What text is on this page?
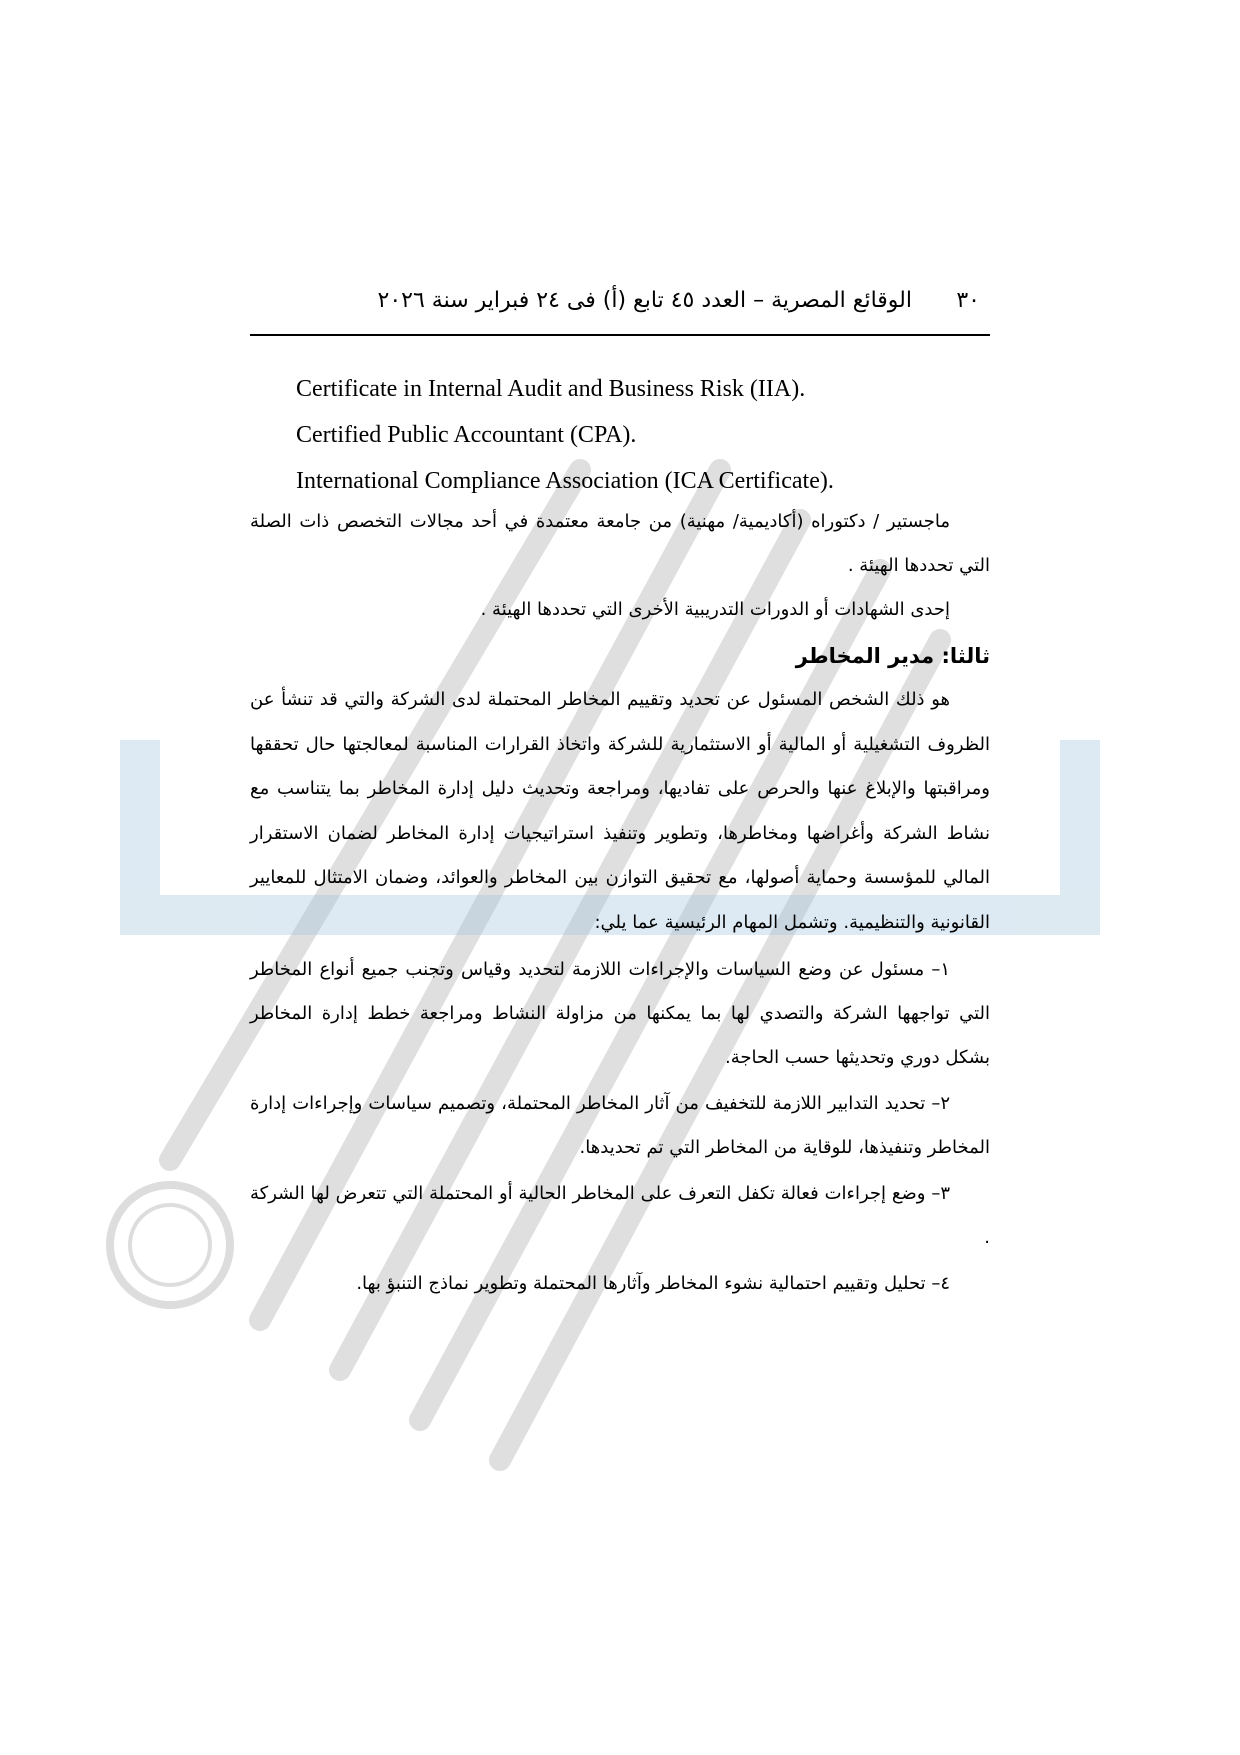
٣٠
الوقائع المصرية – العدد ٤٥ تابع (أ) فى ٢٤ فبراير سنة ٢٠٢٦
Certificate in Internal Audit and Business Risk (IIA).
Certified Public Accountant (CPA).
International Compliance Association (ICA Certificate).

ماجستير / دكتوراه (أكاديمية/ مهنية) من جامعة معتمدة في أحد مجالات التخصص ذات الصلة التي تحددها الهيئة .

إحدى الشهادات أو الدورات التدريبية الأخرى التي تحددها الهيئة .

ثالثا: مدير المخاطر

هو ذلك الشخص المسئول عن تحديد وتقييم المخاطر المحتملة لدى الشركة والتي قد تنشأ عن الظروف التشغيلية أو المالية أو الاستثمارية للشركة واتخاذ القرارات المناسبة لمعالجتها حال تحققها ومراقبتها والإبلاغ عنها والحرص على تفاديها، ومراجعة وتحديث دليل إدارة المخاطر بما يتناسب مع نشاط الشركة وأغراضها ومخاطرها، وتطوير وتنفيذ استراتيجيات إدارة المخاطر لضمان الاستقرار المالي للمؤسسة وحماية أصولها، مع تحقيق التوازن بين المخاطر والعوائد، وضمان الامتثال للمعايير القانونية والتنظيمية. وتشمل المهام الرئيسية عما يلي:

١– مسئول عن وضع السياسات والإجراءات اللازمة لتحديد وقياس وتجنب جميع أنواع المخاطر التي تواجهها الشركة والتصدي لها بما يمكنها من مزاولة النشاط ومراجعة خطط إدارة المخاطر بشكل دوري وتحديثها حسب الحاجة.

٢– تحديد التدابير اللازمة للتخفيف من آثار المخاطر المحتملة، وتصميم سياسات وإجراءات إدارة المخاطر وتنفيذها، للوقاية من المخاطر التي تم تحديدها.

٣– وضع إجراءات فعالة تكفل التعرف على المخاطر الحالية أو المحتملة التي تتعرض لها الشركة .

٤– تحليل وتقييم احتمالية نشوء المخاطر وآثارها المحتملة وتطوير نماذج التنبؤ بها.
